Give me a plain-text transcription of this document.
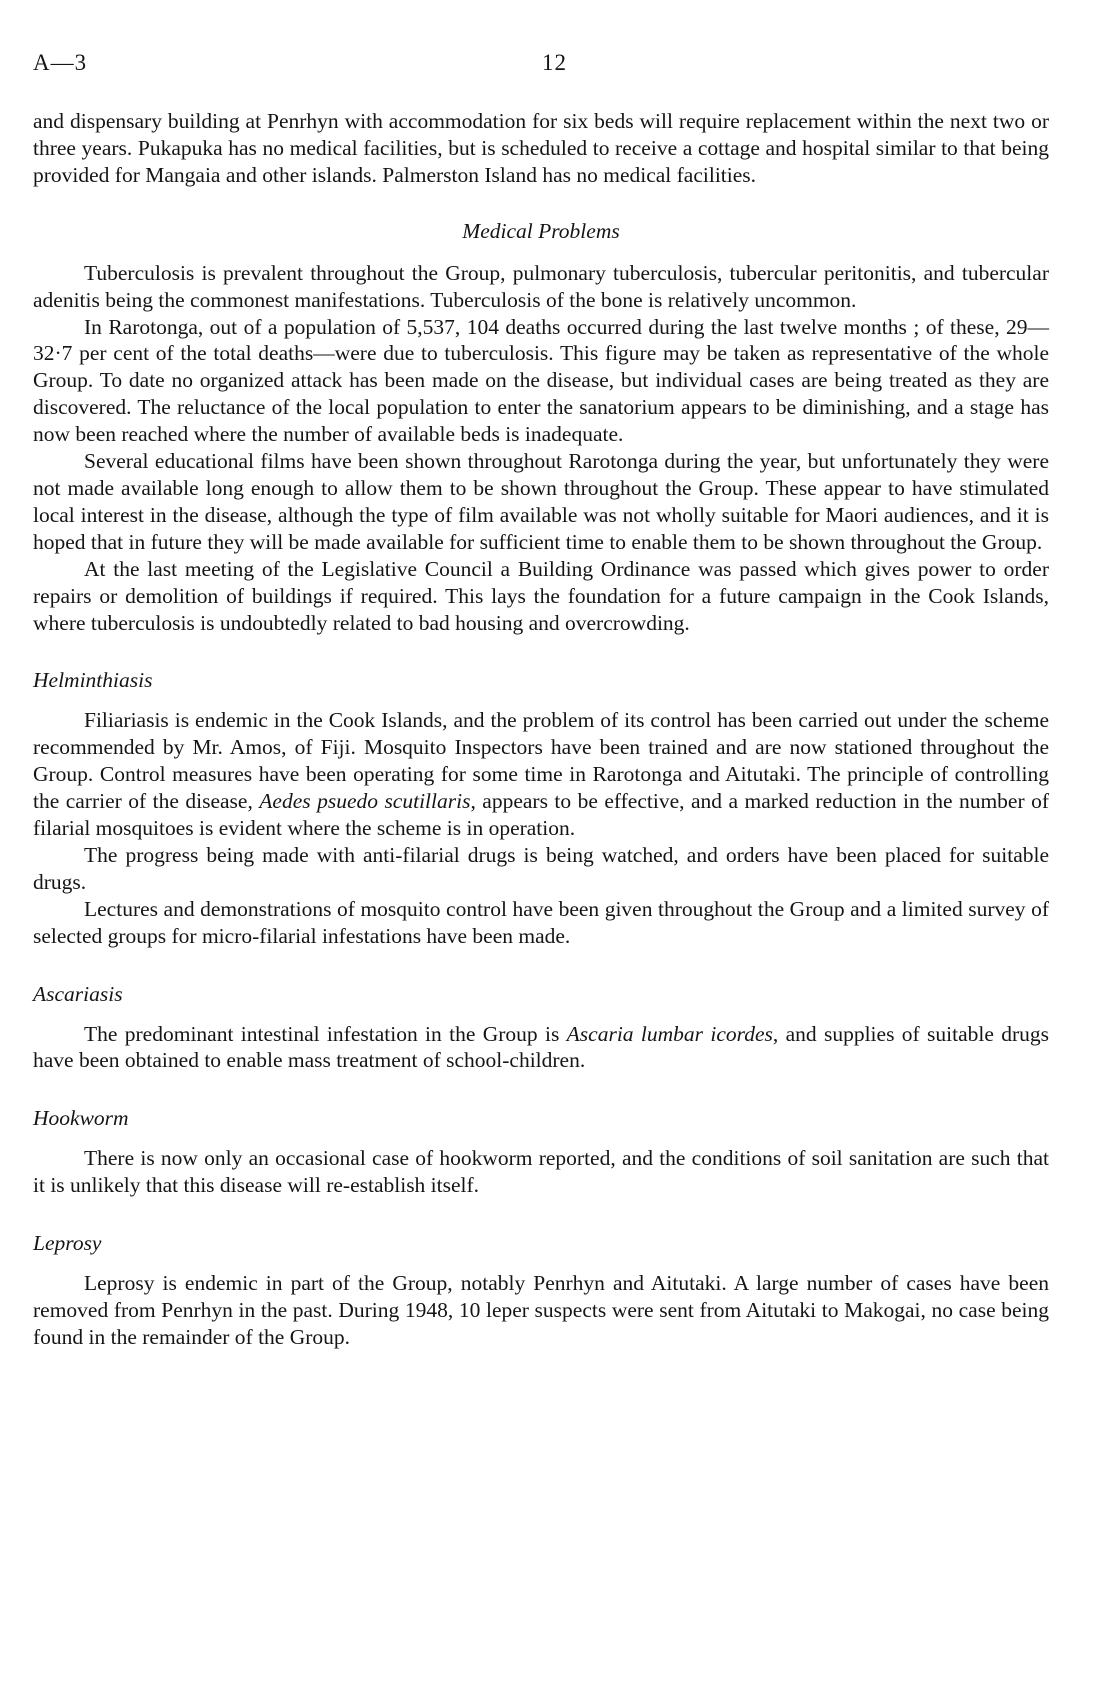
A—3	12

and dispensary building at Penrhyn with accommodation for six beds will require replacement within the next two or three years. Pukapuka has no medical facilities, but is scheduled to receive a cottage and hospital similar to that being provided for Mangaia and other islands. Palmerston Island has no medical facilities.

Medical Problems

Tuberculosis is prevalent throughout the Group, pulmonary tuberculosis, tubercular peritonitis, and tubercular adenitis being the commonest manifestations. Tuberculosis of the bone is relatively uncommon.

In Rarotonga, out of a population of 5,537, 104 deaths occurred during the last twelve months ; of these, 29—32·7 per cent of the total deaths—were due to tuberculosis. This figure may be taken as representative of the whole Group. To date no organized attack has been made on the disease, but individual cases are being treated as they are discovered. The reluctance of the local population to enter the sanatorium appears to be diminishing, and a stage has now been reached where the number of available beds is inadequate.

Several educational films have been shown throughout Rarotonga during the year, but unfortunately they were not made available long enough to allow them to be shown throughout the Group. These appear to have stimulated local interest in the disease, although the type of film available was not wholly suitable for Maori audiences, and it is hoped that in future they will be made available for sufficient time to enable them to be shown throughout the Group.

At the last meeting of the Legislative Council a Building Ordinance was passed which gives power to order repairs or demolition of buildings if required. This lays the foundation for a future campaign in the Cook Islands, where tuberculosis is undoubtedly related to bad housing and overcrowding.

Helminthiasis

Filiariasis is endemic in the Cook Islands, and the problem of its control has been carried out under the scheme recommended by Mr. Amos, of Fiji. Mosquito Inspectors have been trained and are now stationed throughout the Group. Control measures have been operating for some time in Rarotonga and Aitutaki. The principle of controlling the carrier of the disease, Aedes psuedo scutillaris, appears to be effective, and a marked reduction in the number of filarial mosquitoes is evident where the scheme is in operation.

The progress being made with anti-filarial drugs is being watched, and orders have been placed for suitable drugs.

Lectures and demonstrations of mosquito control have been given throughout the Group and a limited survey of selected groups for micro-filarial infestations have been made.

Ascariasis

The predominant intestinal infestation in the Group is Ascaria lumbar icordes, and supplies of suitable drugs have been obtained to enable mass treatment of school-children.

Hookworm

There is now only an occasional case of hookworm reported, and the conditions of soil sanitation are such that it is unlikely that this disease will re-establish itself.

Leprosy

Leprosy is endemic in part of the Group, notably Penrhyn and Aitutaki. A large number of cases have been removed from Penrhyn in the past. During 1948, 10 leper suspects were sent from Aitutaki to Makogai, no case being found in the remainder of the Group.
